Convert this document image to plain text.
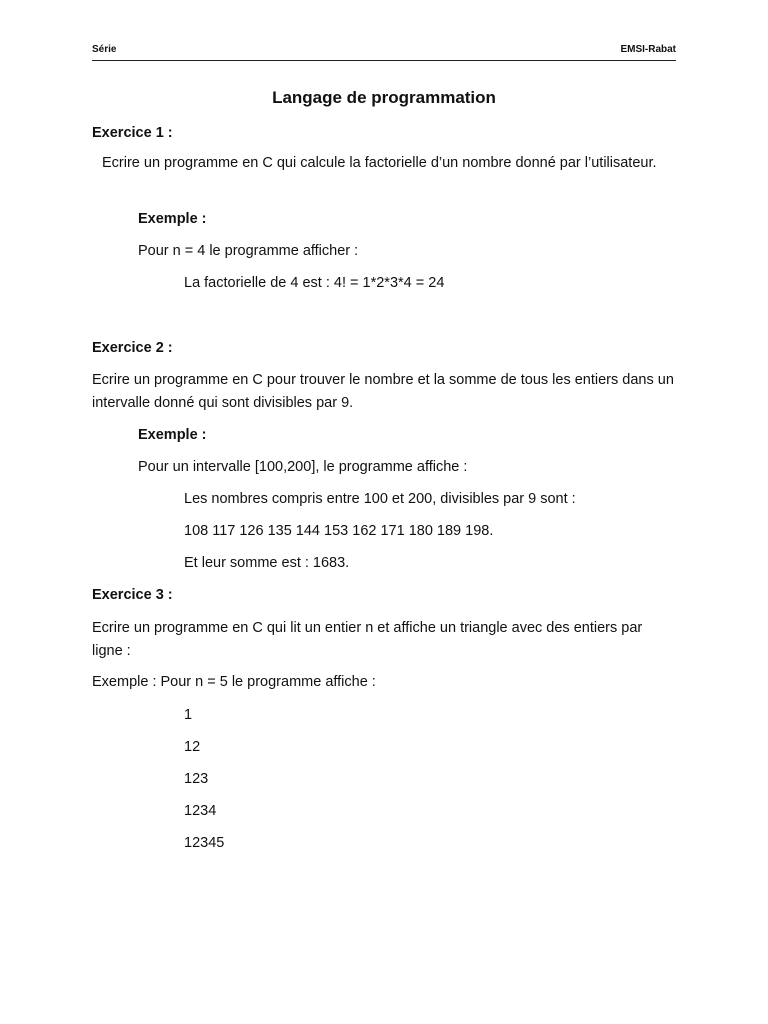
Série	EMSI-Rabat
Langage de programmation
Exercice 1 :
Ecrire un programme en C qui calcule la factorielle d’un nombre donné par l’utilisateur.
Exemple :
Pour n = 4 le programme afficher :
La factorielle de 4 est : 4! = 1*2*3*4 = 24
Exercice 2 :
Ecrire un programme en C pour trouver le nombre et la somme de tous les entiers dans un intervalle donné qui sont divisibles par 9.
Exemple :
Pour un intervalle [100,200], le programme affiche :
Les nombres compris entre 100 et 200, divisibles par 9 sont :
108 117 126 135 144 153 162 171 180 189 198.
Et leur somme est : 1683.
Exercice 3 :
Ecrire un programme en C qui lit un entier n et affiche un triangle avec des entiers par ligne :
Exemple : Pour n = 5 le programme affiche :
1
12
123
1234
12345
